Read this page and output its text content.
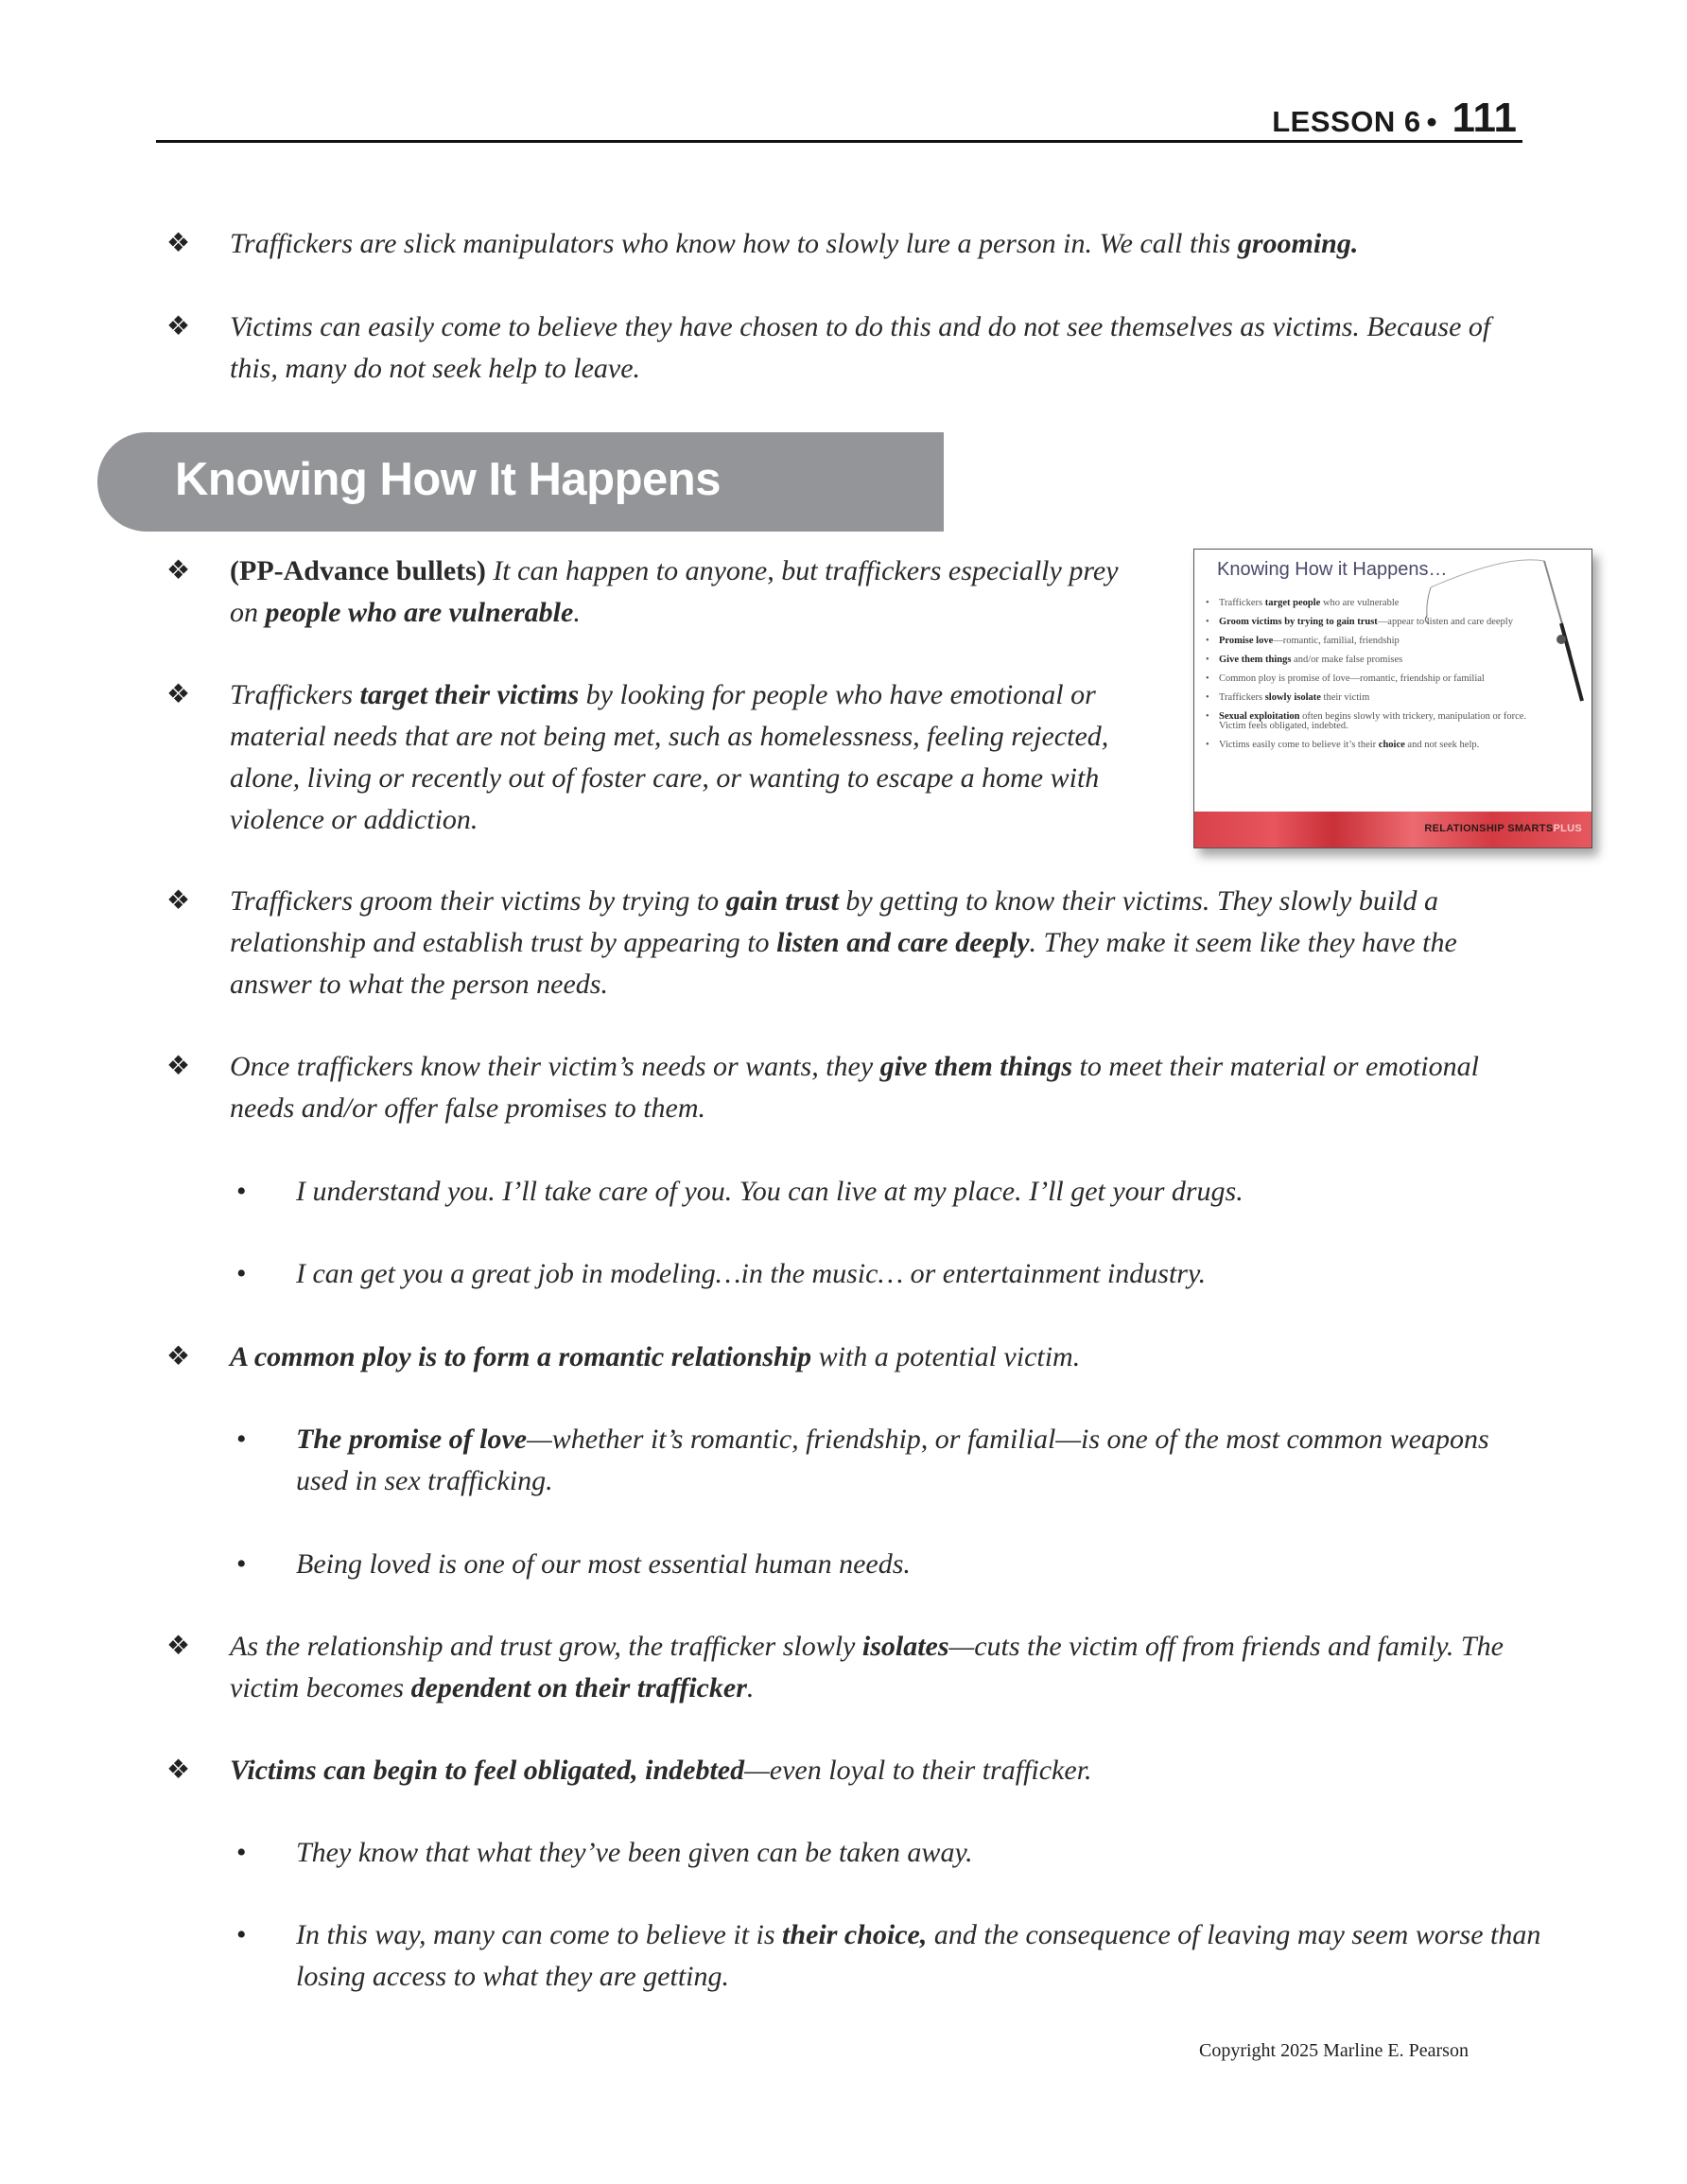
LESSON 6 • 111
❖ Traffickers are slick manipulators who know how to slowly lure a person in. We call this grooming.
❖ Victims can easily come to believe they have chosen to do this and do not see themselves as victims. Because of this, many do not seek help to leave.
Knowing How It Happens
❖ (PP-Advance bullets) It can happen to anyone, but traffickers especially prey on people who are vulnerable.
❖ Traffickers target their victims by looking for people who have emotional or material needs that are not being met, such as homelessness, feeling rejected, alone, living or recently out of foster care, or wanting to escape a home with violence or addiction.
❖ Traffickers groom their victims by trying to gain trust by getting to know their victims. They slowly build a relationship and establish trust by appearing to listen and care deeply. They make it seem like they have the answer to what the person needs.
❖ Once traffickers know their victim’s needs or wants, they give them things to meet their material or emotional needs and/or offer false promises to them.
• I understand you. I’ll take care of you. You can live at my place. I’ll get your drugs.
• I can get you a great job in modeling…in the music… or entertainment industry.
❖ A common ploy is to form a romantic relationship with a potential victim.
• The promise of love—whether it’s romantic, friendship, or familial—is one of the most common weapons used in sex trafficking.
• Being loved is one of our most essential human needs.
❖ As the relationship and trust grow, the trafficker slowly isolates—cuts the victim off from friends and family. The victim becomes dependent on their trafficker.
❖ Victims can begin to feel obligated, indebted—even loyal to their trafficker.
• They know that what they’ve been given can be taken away.
• In this way, many can come to believe it is their choice, and the consequence of leaving may seem worse than losing access to what they are getting.
Knowing How it Happens…
• Traffickers target people who are vulnerable
• Groom victims by trying to gain trust—appear to listen and care deeply
• Promise love—romantic, familial, friendship
• Give them things and/or make false promises
• Common ploy is promise of love—romantic, friendship or familial
• Traffickers slowly isolate their victim
• Sexual exploitation often begins slowly with trickery, manipulation or force. Victim feels obligated, indebted.
• Victims easily come to believe it’s their choice and not seek help.
RELATIONSHIP SMARTSPLUS
Copyright 2025 Marline E. Pearson
